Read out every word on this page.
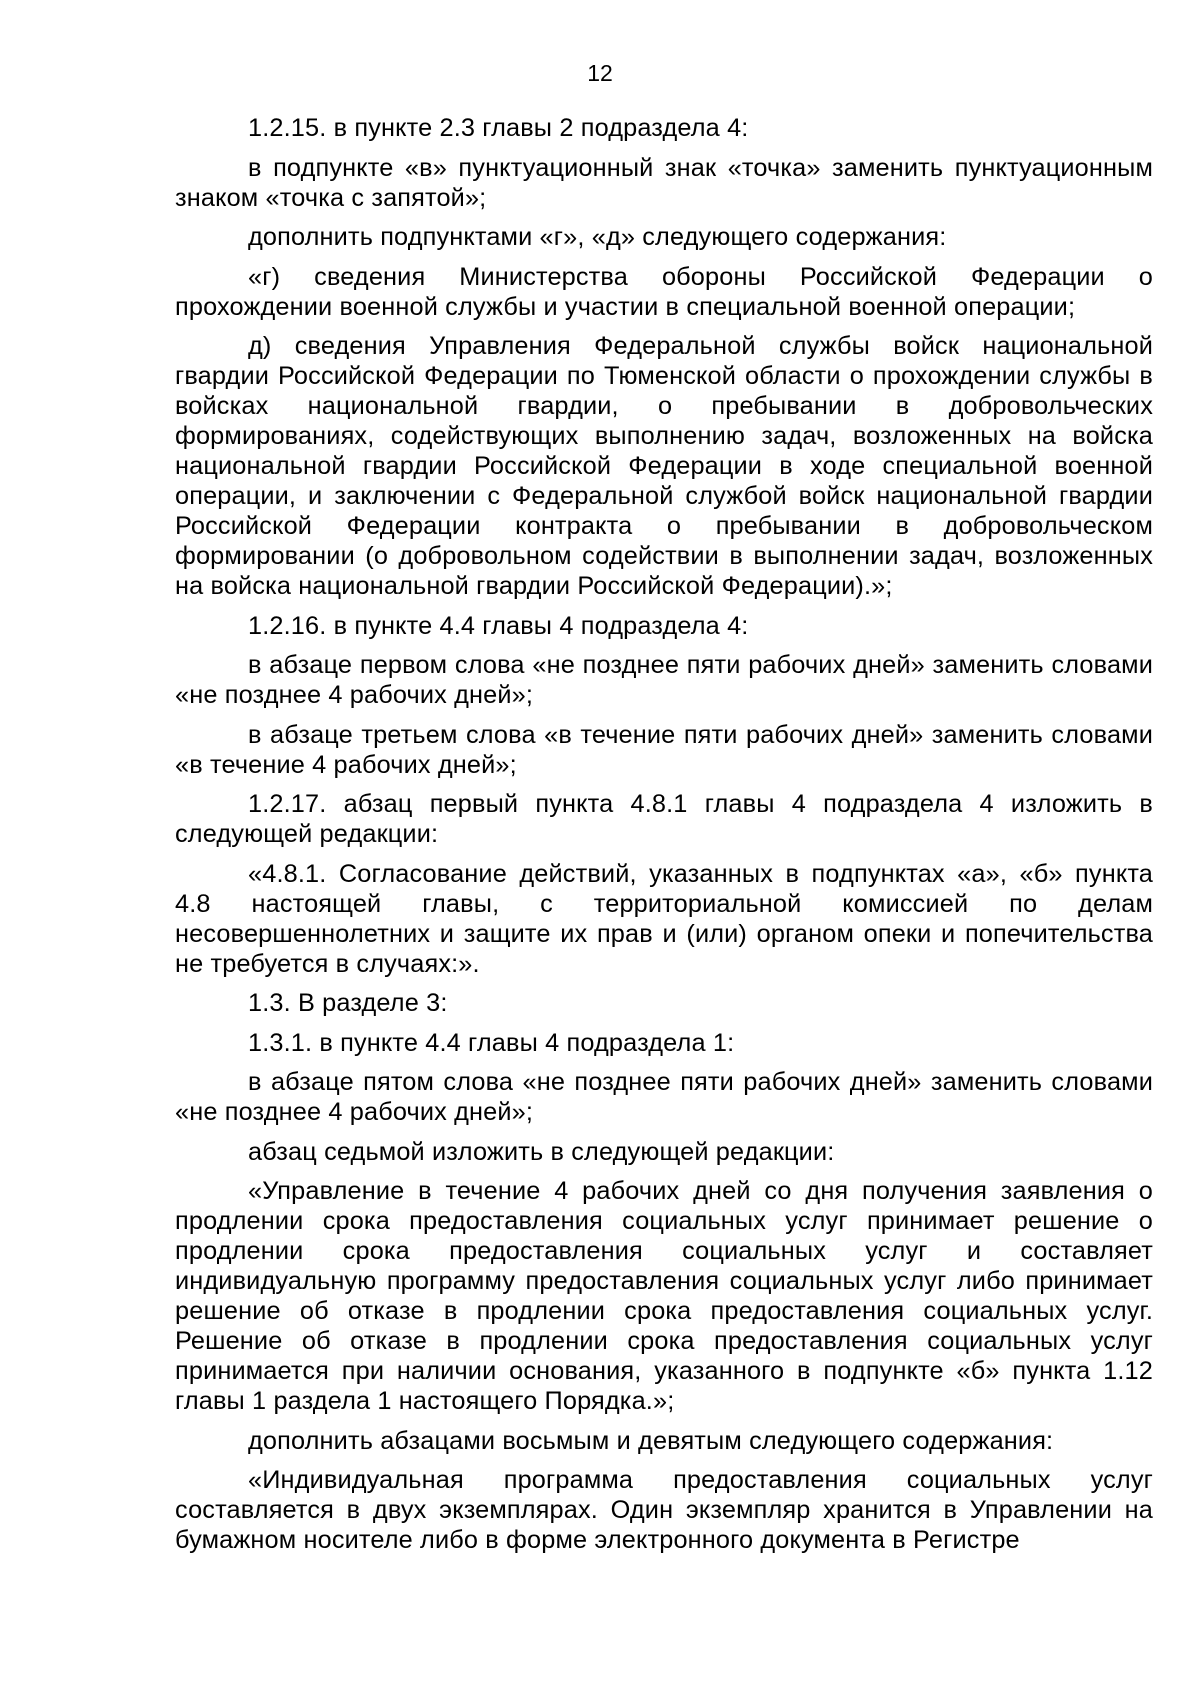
12

1.2.15. в пункте 2.3 главы 2 подраздела 4:

в подпункте «в» пунктуационный знак «точка» заменить пунктуационным знаком «точка с запятой»;

дополнить подпунктами «г», «д» следующего содержания:

«г) сведения Министерства обороны Российской Федерации о прохождении военной службы и участии в специальной военной операции;

д) сведения Управления Федеральной службы войск национальной гвардии Российской Федерации по Тюменской области о прохождении службы в войсках национальной гвардии, о пребывании в добровольческих формированиях, содействующих выполнению задач, возложенных на войска национальной гвардии Российской Федерации в ходе специальной военной операции, и заключении с Федеральной службой войск национальной гвардии Российской Федерации контракта о пребывании в добровольческом формировании (о добровольном содействии в выполнении задач, возложенных на войска национальной гвардии Российской Федерации).»;

1.2.16. в пункте 4.4 главы 4 подраздела 4:

в абзаце первом слова «не позднее пяти рабочих дней» заменить словами «не позднее 4 рабочих дней»;

в абзаце третьем слова «в течение пяти рабочих дней» заменить словами «в течение 4 рабочих дней»;

1.2.17. абзац первый пункта 4.8.1 главы 4 подраздела 4 изложить в следующей редакции:

«4.8.1. Согласование действий, указанных в подпунктах «а», «б» пункта 4.8 настоящей главы, с территориальной комиссией по делам несовершеннолетних и защите их прав и (или) органом опеки и попечительства не требуется в случаях:».

1.3. В разделе 3:

1.3.1. в пункте 4.4 главы 4 подраздела 1:

в абзаце пятом слова «не позднее пяти рабочих дней» заменить словами «не позднее 4 рабочих дней»;

абзац седьмой изложить в следующей редакции:

«Управление в течение 4 рабочих дней со дня получения заявления о продлении срока предоставления социальных услуг принимает решение о продлении срока предоставления социальных услуг и составляет индивидуальную программу предоставления социальных услуг либо принимает решение об отказе в продлении срока предоставления социальных услуг. Решение об отказе в продлении срока предоставления социальных услуг принимается при наличии основания, указанного в подпункте «б» пункта 1.12 главы 1 раздела 1 настоящего Порядка.»;

дополнить абзацами восьмым и девятым следующего содержания:

«Индивидуальная программа предоставления социальных услуг составляется в двух экземплярах. Один экземпляр хранится в Управлении на бумажном носителе либо в форме электронного документа в Регистре
